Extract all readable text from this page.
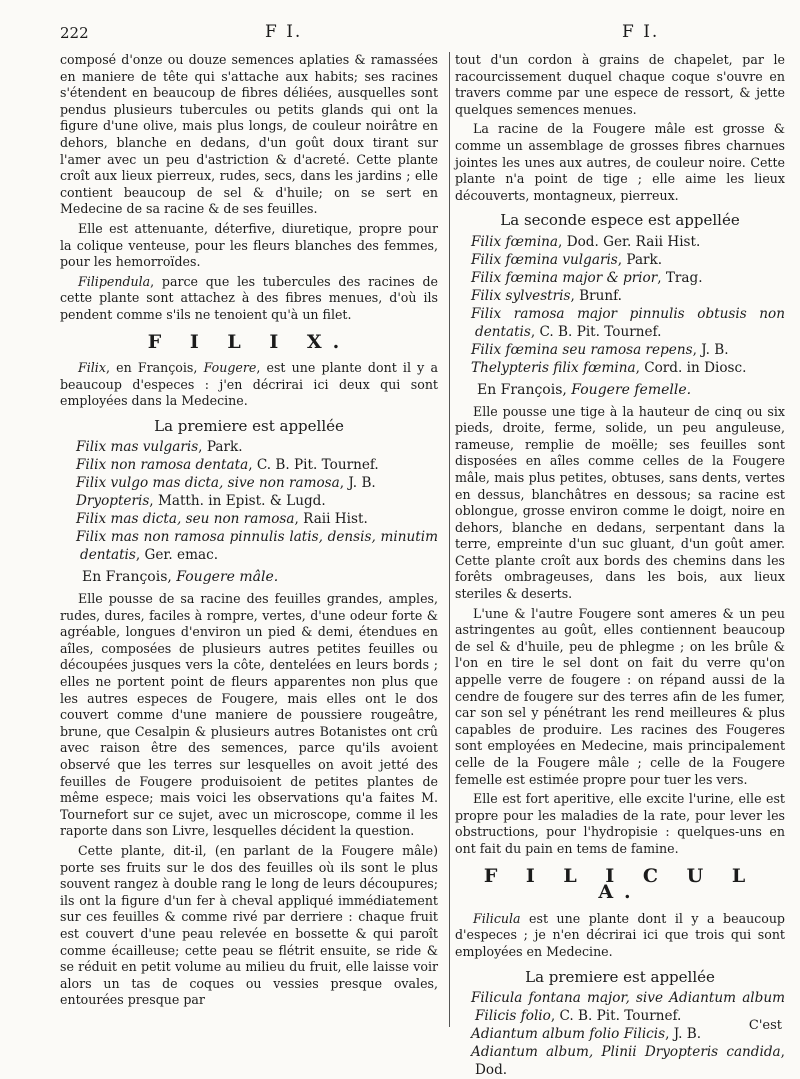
222	F I.	F I.

composé d'onze ou douze semences aplaties & ramassées en maniere de tête qui s'attache aux habits; ses racines s'étendent en beaucoup de fibres déliées, ausquelles sont pendus plusieurs tubercules ou petits glands qui ont la figure d'une olive, mais plus longs, de couleur noirâtre en dehors, blanche en dedans, d'un goût doux tirant sur l'amer avec un peu d'astriction & d'acreté. Cette plante croît aux lieux pierreux, rudes, secs, dans les jardins ; elle contient beaucoup de sel & d'huile; on se sert en Medecine de sa racine & de ses feuilles.

Elle est attenuante, déterfive, diuretique, propre pour la colique venteuse, pour les fleurs blanches des femmes, pour les hemorroïdes.

Filipendula, parce que les tubercules des racines de cette plante sont attachez à des fibres menues, d'où ils pendent comme s'ils ne tenoient qu'à un filet.

F I L I X.

Filix, en François, Fougere, est une plante dont il y a beaucoup d'especes : j'en décrirai ici deux qui sont employées dans la Medecine.

La premiere est appellée

Filix mas vulgaris, Park.

Filix non ramosa dentata, C. B. Pit. Tournef.

Filix vulgo mas dicta, sive non ramosa, J. B.

Dryopteris, Matth. in Epist. & Lugd.

Filix mas dicta, seu non ramosa, Raii Hist.

Filix mas non ramosa pinnulis latis, densis, minutim dentatis, Ger. emac.

En François, Fougere mâle.

Elle pousse de sa racine des feuilles grandes, amples, rudes, dures, faciles à rompre, vertes, d'une odeur forte & agréable, longues d'environ un pied & demi, étendues en aîles, composées de plusieurs autres petites feuilles ou découpées jusques vers la côte, dentelées en leurs bords ; elles ne portent point de fleurs apparentes non plus que les autres especes de Fougere, mais elles ont le dos couvert comme d'une maniere de poussiere rougeâtre, brune, que Cesalpin & plusieurs autres Botanistes ont crû avec raison être des semences, parce qu'ils avoient observé que les terres sur lesquelles on avoit jetté des feuilles de Fougere produisoient de petites plantes de même espece; mais voici les observations qu'a faites M. Tournefort sur ce sujet, avec un microscope, comme il les raporte dans son Livre, lesquelles décident la question.

Cette plante, dit-il, (en parlant de la Fougere mâle) porte ses fruits sur le dos des feuilles où ils sont le plus souvent rangez à double rang le long de leurs découpures; ils ont la figure d'un fer à cheval appliqué immédiatement sur ces feuilles & comme rivé par derriere : chaque fruit est couvert d'une peau relevée en bossette & qui paroît comme écailleuse; cette peau se flétrit ensuite, se ride & se réduit en petit volume au milieu du fruit, elle laisse voir alors un tas de coques ou vessies presque ovales, entourées presque par

tout d'un cordon à grains de chapelet, par le racourcissement duquel chaque coque s'ouvre en travers comme par une espece de ressort, & jette quelques semences menues.

La racine de la Fougere mâle est grosse & comme un assemblage de grosses fibres charnues jointes les unes aux autres, de couleur noire. Cette plante n'a point de tige ; elle aime les lieux découverts, montagneux, pierreux.

La seconde espece est appellée

Filix fœmina, Dod. Ger. Raii Hist.

Filix fœmina vulgaris, Park.

Filix fœmina major & prior, Trag.

Filix sylvestris, Brunf.

Filix ramosa major pinnulis obtusis non dentatis, C. B. Pit. Tournef.

Filix fœmina seu ramosa repens, J. B.

Thelypteris filix fœmina, Cord. in Diosc.

En François, Fougere femelle.

Elle pousse une tige à la hauteur de cinq ou six pieds, droite, ferme, solide, un peu anguleuse, rameuse, remplie de moëlle; ses feuilles sont disposées en aîles comme celles de la Fougere mâle, mais plus petites, obtuses, sans dents, vertes en dessus, blanchâtres en dessous; sa racine est oblongue, grosse environ comme le doigt, noire en dehors, blanche en dedans, serpentant dans la terre, empreinte d'un suc gluant, d'un goût amer. Cette plante croît aux bords des chemins dans les forêts ombrageuses, dans les bois, aux lieux steriles & deserts.

L'une & l'autre Fougere sont ameres & un peu astringentes au goût, elles contiennent beaucoup de sel & d'huile, peu de phlegme ; on les brûle & l'on en tire le sel dont on fait du verre qu'on appelle verre de fougere : on répand aussi de la cendre de fougere sur des terres afin de les fumer, car son sel y pénétrant les rend meilleures & plus capables de produire. Les racines des Fougeres sont employées en Medecine, mais principalement celle de la Fougere mâle ; celle de la Fougere femelle est estimée propre pour tuer les vers.

Elle est fort aperitive, elle excite l'urine, elle est propre pour les maladies de la rate, pour lever les obstructions, pour l'hydropisie : quelques-uns en ont fait du pain en tems de famine.

F I L I C U L A.

Filicula est une plante dont il y a beaucoup d'especes ; je n'en décrirai ici que trois qui sont employées en Medecine.

La premiere est appellée

Filicula fontana major, sive Adiantum album Filicis folio, C. B. Pit. Tournef.

Adiantum album folio Filicis, J. B.

Adiantum album, Plinii Dryopteris candida, Dod.

C'est
